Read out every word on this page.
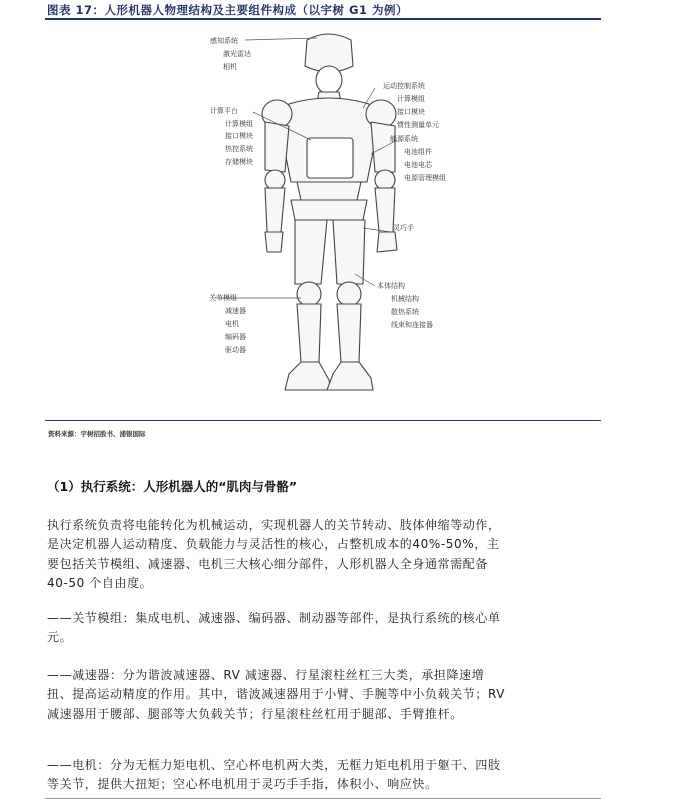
图表 17：人形机器人物理结构及主要组件构成（以宇树 G1 为例）
感知系统
激光雷达
相机
计算平台
计算模组
接口模块
热控系统
存储模块
运动控制系统
计算模组
接口模块
惯性测量单元
能源系统
电池组件
电池电芯
电源管理模组
灵巧手
关节模组
减速器
电机
编码器
驱动器
本体结构
机械结构
散热系统
线束和连接器
资料来源：宇树招股书、浦银国际
（1）执行系统：人形机器人的“肌肉与骨骼”
执行系统负责将电能转化为机械运动，实现机器人的关节转动、肢体伸缩等动作，是决定机器人运动精度、负载能力与灵活性的核心，占整机成本的40%-50%，主要包括关节模组、减速器、电机三大核心细分部件，人形机器人全身通常需配备 40-50 个自由度。
——关节模组：集成电机、减速器、编码器、制动器等部件，是执行系统的核心单元。
——减速器：分为谐波减速器、RV 减速器、行星滚柱丝杠三大类，承担降速增扭、提高运动精度的作用。其中，谐波减速器用于小臂、手腕等中小负载关节；RV 减速器用于腰部、腿部等大负载关节；行星滚柱丝杠用于腿部、手臂推杆。
——电机：分为无框力矩电机、空心杯电机两大类，无框力矩电机用于躯干、四肢等关节，提供大扭矩；空心杯电机用于灵巧手手指，体积小、响应快。
